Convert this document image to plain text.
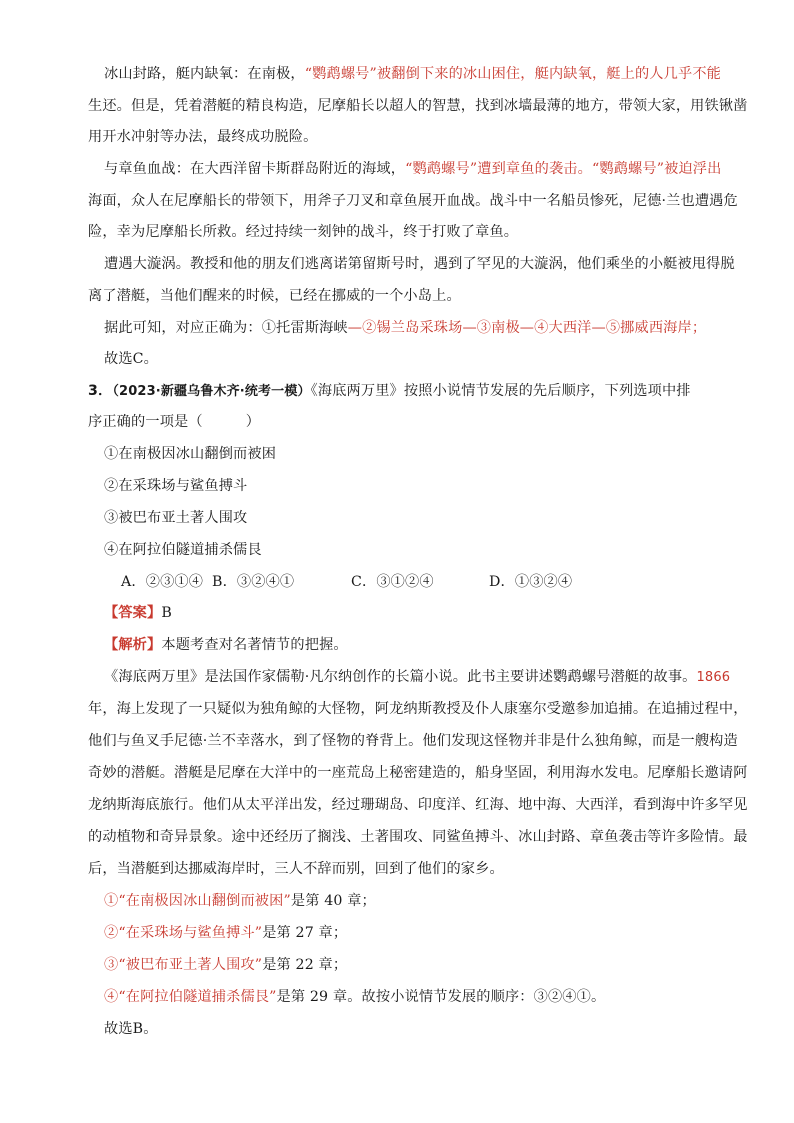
冰山封路，艇内缺氧：在南极，“鹦鹉螺号”被翻倒下来的冰山困住，艇内缺氧，艇上的人几乎不能
生还。但是，凭着潜艇的精良构造，尼摩船长以超人的智慧，找到冰墙最薄的地方，带领大家，用铁锹凿
用开水冲射等办法，最终成功脱险。
与章鱼血战：在大西洋留卡斯群岛附近的海域，“鹦鹉螺号”遭到章鱼的袭击。“鹦鹉螺号”被迫浮出
海面，众人在尼摩船长的带领下，用斧子刀叉和章鱼展开血战。战斗中一名船员惨死，尼德·兰也遭遇危
险，幸为尼摩船长所救。经过持续一刻钟的战斗，终于打败了章鱼。
遭遇大漩涡。教授和他的朋友们逃离诺第留斯号时，遇到了罕见的大漩涡，他们乘坐的小艇被甩得脱
离了潜艇，当他们醒来的时候，已经在挪威的一个小岛上。
据此可知，对应正确为：①托雷斯海峡—②锡兰岛采珠场—③南极—④大西洋—⑤挪威西海岸；
故选C。
3．（2023·新疆乌鲁木齐·统考一模）《海底两万里》按照小说情节发展的先后顺序，下列选项中排
序正确的一项是（　　　）
①在南极因冰山翻倒而被困
②在采珠场与鲨鱼搏斗
③被巴布亚土著人围攻
④在阿拉伯隧道捕杀儒艮
A．②③①④ B．③②④①	C．③①②④	D．①③②④
【答案】B
【解析】本题考查对名著情节的把握。
《海底两万里》是法国作家儒勒·凡尔纳创作的长篇小说。此书主要讲述鹦鹉螺号潜艇的故事。1866
年，海上发现了一只疑似为独角鲸的大怪物，阿龙纳斯教授及仆人康塞尔受邀参加追捕。在追捕过程中，
他们与鱼叉手尼德·兰不幸落水，到了怪物的脊背上。他们发现这怪物并非是什么独角鲸，而是一艘构造
奇妙的潜艇。潜艇是尼摩在大洋中的一座荒岛上秘密建造的，船身坚固，利用海水发电。尼摩船长邀请阿
龙纳斯海底旅行。他们从太平洋出发，经过珊瑚岛、印度洋、红海、地中海、大西洋，看到海中许多罕见
的动植物和奇异景象。途中还经历了搁浅、土著围攻、同鲨鱼搏斗、冰山封路、章鱼袭击等许多险情。最
后，当潜艇到达挪威海岸时，三人不辞而别，回到了他们的家乡。
①“在南极因冰山翻倒而被困”是第 40 章；
②“在采珠场与鲨鱼搏斗”是第 27 章；
③“被巴布亚土著人围攻”是第 22 章；
④“在阿拉伯隧道捕杀儒艮”是第 29 章。故按小说情节发展的顺序：③②④①。
故选B。
